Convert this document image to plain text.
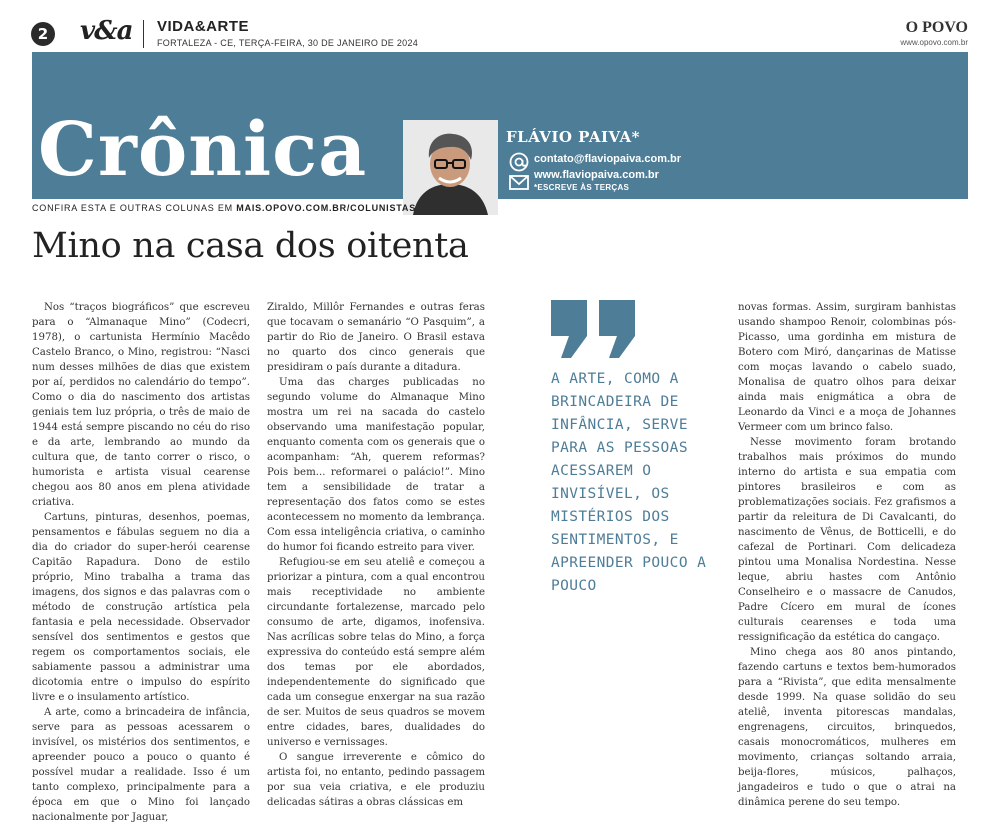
2 v&a VIDA&ARTE
FORTALEZA - CE, TERÇA-FEIRA, 30 DE JANEIRO DE 2024
O POVO
www.opovo.com.br
Crônica	FLÁVIO PAIVA*
contato@flaviopaiva.com.br
www.flaviopaiva.com.br
*ESCREVE ÀS TERÇAS
CONFIRA ESTA E OUTRAS COLUNAS EM MAIS.OPOVO.COM.BR/COLUNISTAS
Mino na casa dos oitenta

Nos “traços biográficos” que escreveu para o “Almanaque Mino” (Codecri, 1978), o cartunista Hermínio Macêdo Castelo Branco, o Mino, registrou: “Nasci num desses milhões de dias que existem por aí, perdidos no calendário do tempo”. Como o dia do nascimento dos artistas geniais tem luz própria, o três de maio de 1944 está sempre piscando no céu do riso e da arte, lembrando ao mundo da cultura que, de tanto correr o risco, o humorista e artista visual cearense chegou aos 80 anos em plena atividade criativa.

Cartuns, pinturas, desenhos, poemas, pensamentos e fábulas seguem no dia a dia do criador do super-herói cearense Capitão Rapadura. Dono de estilo próprio, Mino trabalha a trama das imagens, dos signos e das palavras com o método de construção artística pela fantasia e pela necessidade. Observador sensível dos sentimentos e gestos que regem os comportamentos sociais, ele sabiamente passou a administrar uma dicotomia entre o impulso do espírito livre e o insulamento artístico.

A arte, como a brincadeira de infância, serve para as pessoas acessarem o invisível, os mistérios dos sentimentos, e apreender pouco a pouco o quanto é possível mudar a realidade. Isso é um tanto complexo, principalmente para a época em que o Mino foi lançado nacionalmente por Jaguar,

Ziraldo, Millôr Fernandes e outras feras que tocavam o semanário “O Pasquim”, a partir do Rio de Janeiro. O Brasil estava no quarto dos cinco generais que presidiram o país durante a ditadura.

Uma das charges publicadas no segundo volume do Almanaque Mino mostra um rei na sacada do castelo observando uma manifestação popular, enquanto comenta com os generais que o acompanham: “Ah, querem reformas? Pois bem... reformarei o palácio!”. Mino tem a sensibilidade de tratar a representação dos fatos como se estes acontecessem no momento da lembrança. Com essa inteligência criativa, o caminho do humor foi ficando estreito para viver.

Refugiou-se em seu ateliê e começou a priorizar a pintura, com a qual encontrou mais receptividade no ambiente circundante fortalezense, marcado pelo consumo de arte, digamos, inofensiva. Nas acrílicas sobre telas do Mino, a força expressiva do conteúdo está sempre além dos temas por ele abordados, independentemente do significado que cada um consegue enxergar na sua razão de ser. Muitos de seus quadros se movem entre cidades, bares, dualidades do universo e vernissages.

O sangue irreverente e cômico do artista foi, no entanto, pedindo passagem por sua veia criativa, e ele produziu delicadas sátiras a obras clássicas em

A ARTE, COMO A BRINCADEIRA DE INFÂNCIA, SERVE PARA AS PESSOAS ACESSAREM O INVISÍVEL, OS MISTÉRIOS DOS SENTIMENTOS, E APREENDER POUCO A POUCO

novas formas. Assim, surgiram banhistas usando shampoo Renoir, colombinas pós-Picasso, uma gordinha em mistura de Botero com Miró, dançarinas de Matisse com moças lavando o cabelo suado, Monalisa de quatro olhos para deixar ainda mais enigmática a obra de Leonardo da Vinci e a moça de Johannes Vermeer com um brinco falso.

Nesse movimento foram brotando trabalhos mais próximos do mundo interno do artista e sua empatia com pintores brasileiros e com as problematizações sociais. Fez grafismos a partir da releitura de Di Cavalcanti, do nascimento de Vênus, de Botticelli, e do cafezal de Portinari. Com delicadeza pintou uma Monalisa Nordestina. Nesse leque, abriu hastes com Antônio Conselheiro e o massacre de Canudos, Padre Cícero em mural de ícones culturais cearenses e toda uma ressignificação da estética do cangaço.

Mino chega aos 80 anos pintando, fazendo cartuns e textos bem-humorados para a “Rivista”, que edita mensalmente desde 1999. Na quase solidão do seu ateliê, inventa pitorescas mandalas, engrenagens, circuitos, brinquedos, casais monocromáticos, mulheres em movimento, crianças soltando arraia, beija-flores, músicos, palhaços, jangadeiros e tudo o que o atrai na dinâmica perene do seu tempo.
